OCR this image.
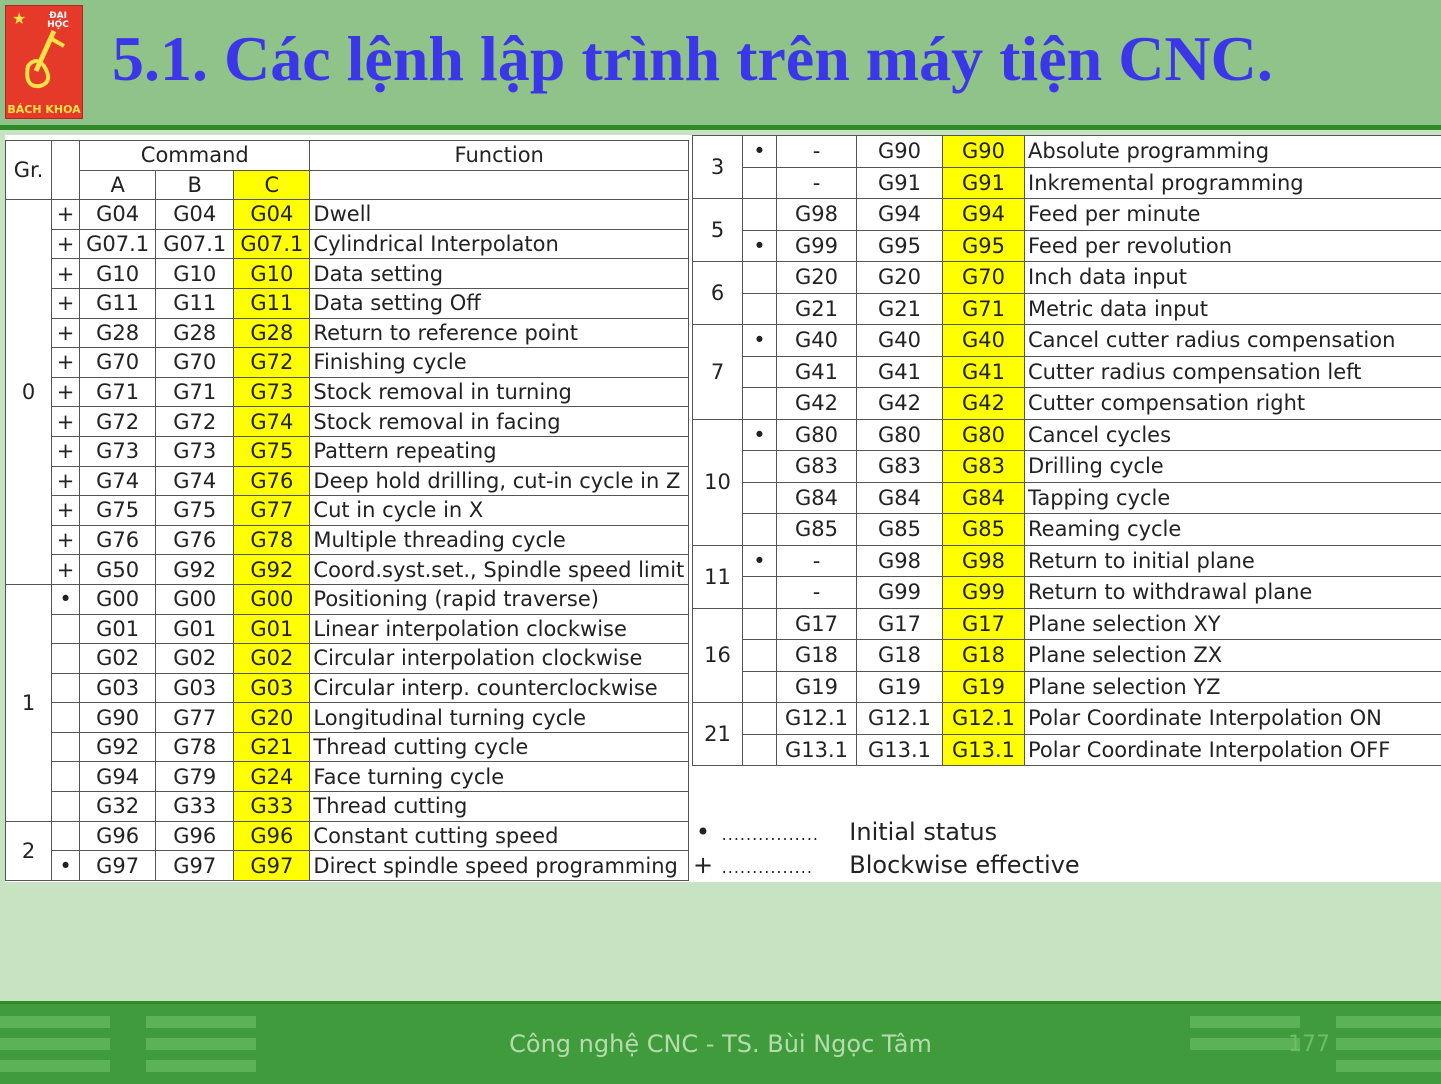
★	ĐẠI HỌC
BÁCH KHOA
5.1. Các lệnh lập trình trên máy tiện CNC.
Gr.		Command			Function
		A	B	C	
0	+	G04	G04	G04	Dwell
	+	G07.1	G07.1	G07.1	Cylindrical Interpolaton
	+	G10	G10	G10	Data setting
	+	G11	G11	G11	Data setting Off
	+	G28	G28	G28	Return to reference point
	+	G70	G70	G72	Finishing cycle
	+	G71	G71	G73	Stock removal in turning
	+	G72	G72	G74	Stock removal in facing
	+	G73	G73	G75	Pattern repeating
	+	G74	G74	G76	Deep hold drilling, cut-in cycle in Z
	+	G75	G75	G77	Cut in cycle in X
	+	G76	G76	G78	Multiple threading cycle
	+	G50	G92	G92	Coord.syst.set., Spindle speed limit
1	•	G00	G00	G00	Positioning (rapid traverse)
		G01	G01	G01	Linear interpolation clockwise
		G02	G02	G02	Circular interpolation clockwise
		G03	G03	G03	Circular interp. counterclockwise
		G90	G77	G20	Longitudinal turning cycle
		G92	G78	G21	Thread cutting cycle
		G94	G79	G24	Face turning cycle
		G32	G33	G33	Thread cutting
2		G96	G96	G96	Constant cutting speed
	•	G97	G97	G97	Direct spindle speed programming
3	•	-	G90	G90	Absolute programming
		-	G91	G91	Inkremental programming
5		G98	G94	G94	Feed per minute
	•	G99	G95	G95	Feed per revolution
6		G20	G20	G70	Inch data input
		G21	G21	G71	Metric data input
7	•	G40	G40	G40	Cancel cutter radius compensation
		G41	G41	G41	Cutter radius compensation left
		G42	G42	G42	Cutter compensation right
10	•	G80	G80	G80	Cancel cycles
		G83	G83	G83	Drilling cycle
		G84	G84	G84	Tapping cycle
		G85	G85	G85	Reaming cycle
11	•	-	G98	G98	Return to initial plane
		-	G99	G99	Return to withdrawal plane
16		G17	G17	G17	Plane selection XY
		G18	G18	G18	Plane selection ZX
		G19	G19	G19	Plane selection YZ
21		G12.1	G12.1	G12.1	Polar Coordinate Interpolation ON
		G13.1	G13.1	G13.1	Polar Coordinate Interpolation OFF
• ................ Initial status
+ ............... Blockwise effective
Công nghệ CNC - TS. Bùi Ngọc Tâm	177
